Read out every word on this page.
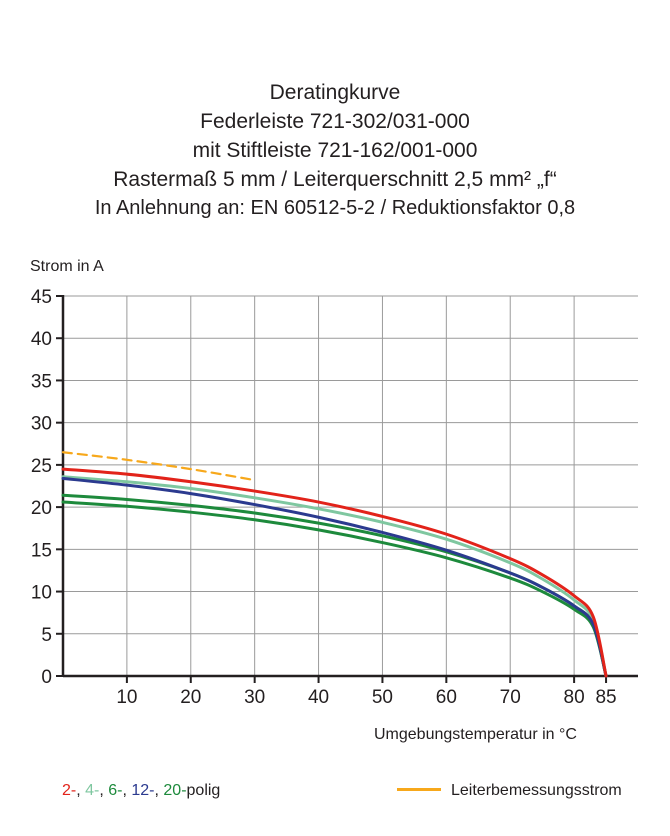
Deratingkurve
Federleiste 721-302/031-000
mit Stiftleiste 721-162/001-000
Rastermaß 5 mm / Leiterquerschnitt 2,5 mm² „f“
In Anlehnung an: EN 60512-5-2 / Reduktionsfaktor 0,8
Strom in A
Umgebungstemperatur in °C
10 20 30 40 50 60 70 80 85
0
5
10
15
20
25
30
35
40
45
2-, 4-, 6-, 12-, 20-polig	Leiterbemessungsstrom
